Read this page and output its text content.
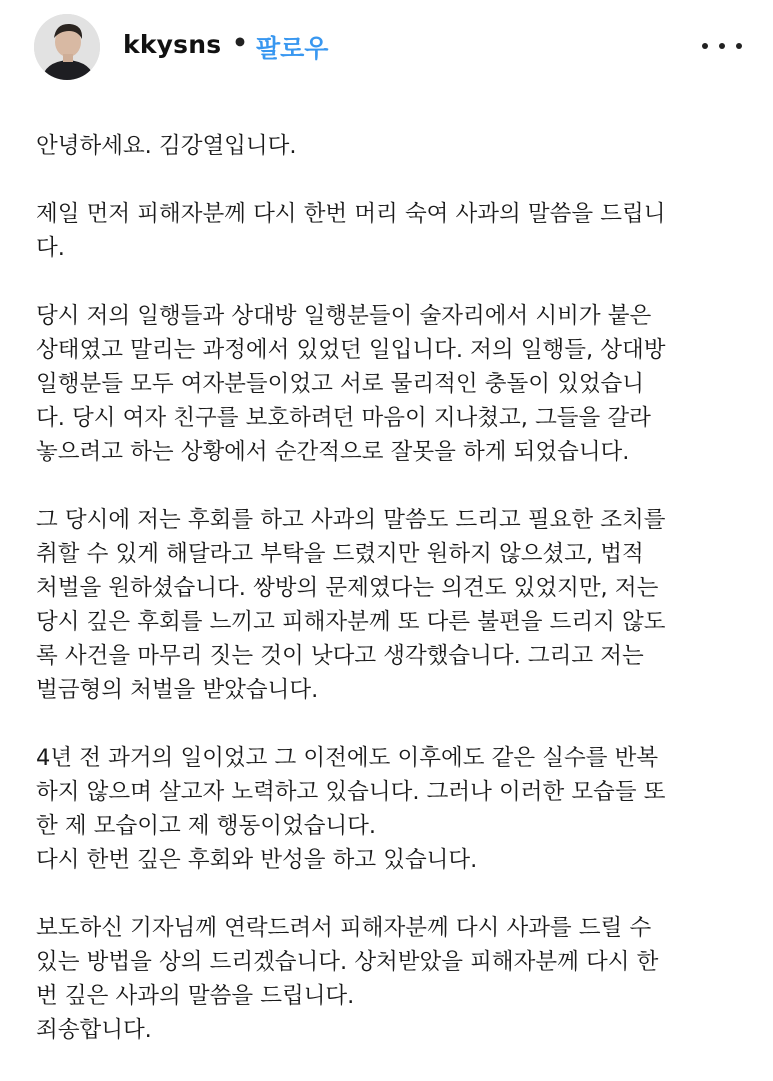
kkysns • 팔로우

안녕하세요. 김강열입니다.

제일 먼저 피해자분께 다시 한번 머리 숙여 사과의 말씀을 드립니
다.

당시 저의 일행들과 상대방 일행분들이 술자리에서 시비가 붙은
상태였고 말리는 과정에서 있었던 일입니다. 저의 일행들, 상대방
일행분들 모두 여자분들이었고 서로 물리적인 충돌이 있었습니
다. 당시 여자 친구를 보호하려던 마음이 지나쳤고, 그들을 갈라
놓으려고 하는 상황에서 순간적으로 잘못을 하게 되었습니다.

그 당시에 저는 후회를 하고 사과의 말씀도 드리고 필요한 조치를
취할 수 있게 해달라고 부탁을 드렸지만 원하지 않으셨고, 법적
처벌을 원하셨습니다. 쌍방의 문제였다는 의견도 있었지만, 저는
당시 깊은 후회를 느끼고 피해자분께 또 다른 불편을 드리지 않도
록 사건을 마무리 짓는 것이 낫다고 생각했습니다. 그리고 저는
벌금형의 처벌을 받았습니다.

4년 전 과거의 일이었고 그 이전에도 이후에도 같은 실수를 반복
하지 않으며 살고자 노력하고 있습니다. 그러나 이러한 모습들 또
한 제 모습이고 제 행동이었습니다.
다시 한번 깊은 후회와 반성을 하고 있습니다.

보도하신 기자님께 연락드려서 피해자분께 다시 사과를 드릴 수
있는 방법을 상의 드리겠습니다. 상처받았을 피해자분께 다시 한
번 깊은 사과의 말씀을 드립니다.
죄송합니다.
